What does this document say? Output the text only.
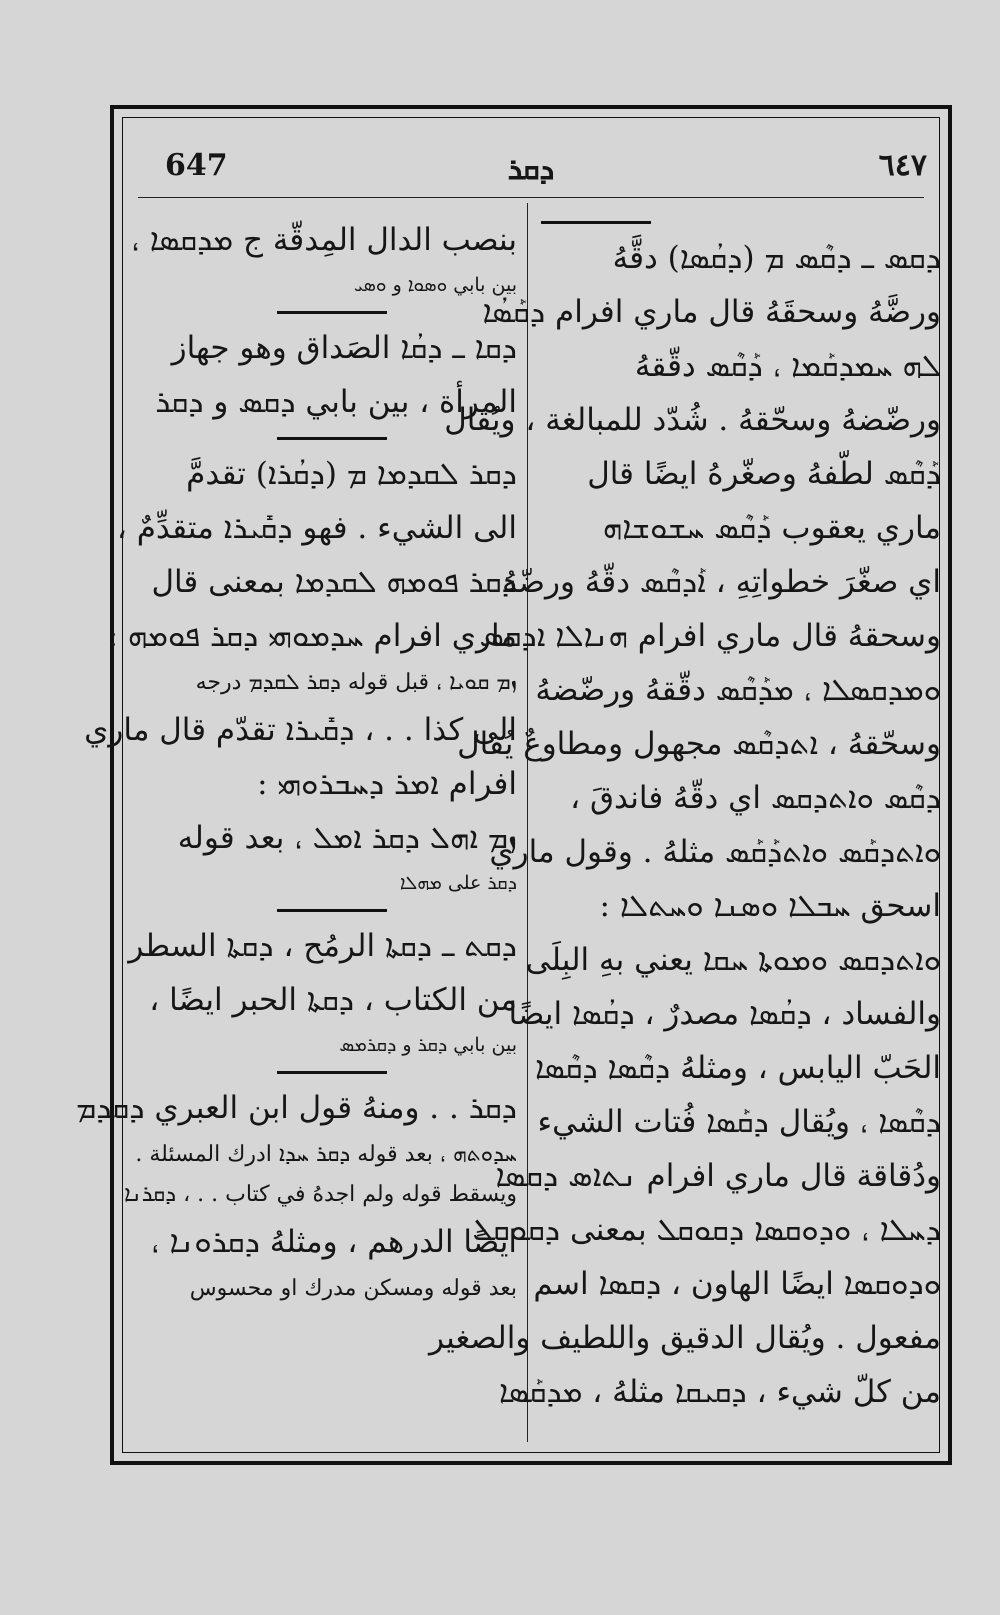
647	ܕܩܪ	٦٤٧
ܕܩܣ ـ ܕܩܶܣ ܡ (ܕܩܳܣܐ) دقَّهُ
ورضَّهُ وسحقَهُ قال ماري افرام ܕܩܰܣܳܐ
ܠܗ ܚܡܕܩܰܡܐ ، ܕܰܩܶܣ دقّقهُ
ورضّضهُ وسحّقهُ . شُدّد للمبالغة ، ويُقال
ܕܰܩܶܣ لطّفهُ وصغّرهُ ايضًا قال
ماري يعقوب ܕܰܩܶܣ ܚܫܘܫܐܗ
اي صغّرَ خطواتِهِ ، ܐܰܕܩܶܣ دقّهُ ورضّهُ
وسحقهُ قال ماري افرام ܗܢܐܠܐ ܐܕܩܣ
ܘܡܕܩܣܠܐ ، ܡܕܰܩܶܣ دقّقهُ ورضّضهُ
وسحّقهُ ، ܐܬܕܩܶܣ مجهول ومطاوعٌ يُقال
ܕܩܶܣ ܘܐܬܕܩܣ اي دقّهُ فاندقَ ،
ܘܐܬܕܩܰܣ ܘܐܬܕܰܩܰܣ مثلهُ . وقول ماري
اسحق ܚܒܠܐ ܘܣܢܐ ܘܚܬܠܐ :
ܘܐܬܕܩܣ ܘܡܘܬܐ ܚܩܐ يعني بهِ البِلَى
والفساد ، ܕܩܳܣܐ مصدرٌ ، ܕܩܳܣܐ ايضًا
الحَبّ اليابس ، ومثلهُ ܕܩܶܣܐ ܕܩܶܣܐ
ܕܩܶܣܐ ، ويُقال ܕܩܰܣܐ فُتات الشيء
ودُقاقة قال ماري افرام ܢܬܐܣ ܕܩܣܐ
ܕܚܠܐ ، ܘܕܘܩܣܐ ܕܩܘܩܠ بمعنى ܕܩܘܩܠ
ܘܕܘܩܣܐ ايضًا الهاون ، ܕܩܣܐ اسم
مفعول . ويُقال الدقيق واللطيف والصغير
من كلّ شيء ، ܕܩܝܩܐ مثلهُ ، ܡܕܩܰܣܐ
بنصب الدال المِدقّة ج ܡܕܩܣܐ ،
بين بابي ܘܣܘܐ و ܘܣܝ
ܕܩܐ ـ ܕܩܳܐ الصَداق وهو جهاز
المرأة ، بين بابي ܕܩܣ و ܕܩܪ
ܕܩܪ ܠܩܕܡܐ ܡ (ܕܩܳܪܐ) تقدمَّ
الى الشيء . فهو ܕܩܺܝܪܐ متقدِّمٌ ،
ܕܩܪ ܦܘܡܗ ܠܩܕܡܐ بمعنى قال
ماري افرام ܚܕܡܘܗܝ ܕܩܪ ܦܘܡܗ :
ܙܡ ܩܘܝܐ ، قبل قوله ܕܩܪ ܠܩܕܡ درجه
الى كذا . . ، ܕܩܺܝܪܐ تقدّم قال ماري
افرام ܐܡܪ ܕܚܒܪܘܗܝ :
ܙܡ ܐܗܠ ܕܩܪ ܐܡܠ ، بعد قوله
ܕܩܪ على ܡܗܠܐ
ܕܩܬ ـ ܕܩܬܐ الرمُح ، ܕܩܬܐ السطر
من الكتاب ، ܕܩܬܐ الحبر ايضًا ،
بين بابي ܕܩܪ و ܕܩܪܡܣ
ܕܩܪ . . ومنهُ قول ابن العبري ܕܩܕܡ
ܚܕܘܬܗ ، بعد قوله ܕܩܪ ܚܕܐ ادرك المسئلة .
ويسقط قوله ولم اجدهُ في كتاب . . ، ܕܩܪܢܐ
ايضًا الدرهم ، ومثلهُ ܕܩܪܘܢܐ ،
بعد قوله ومسكن مدرك او محسوس
